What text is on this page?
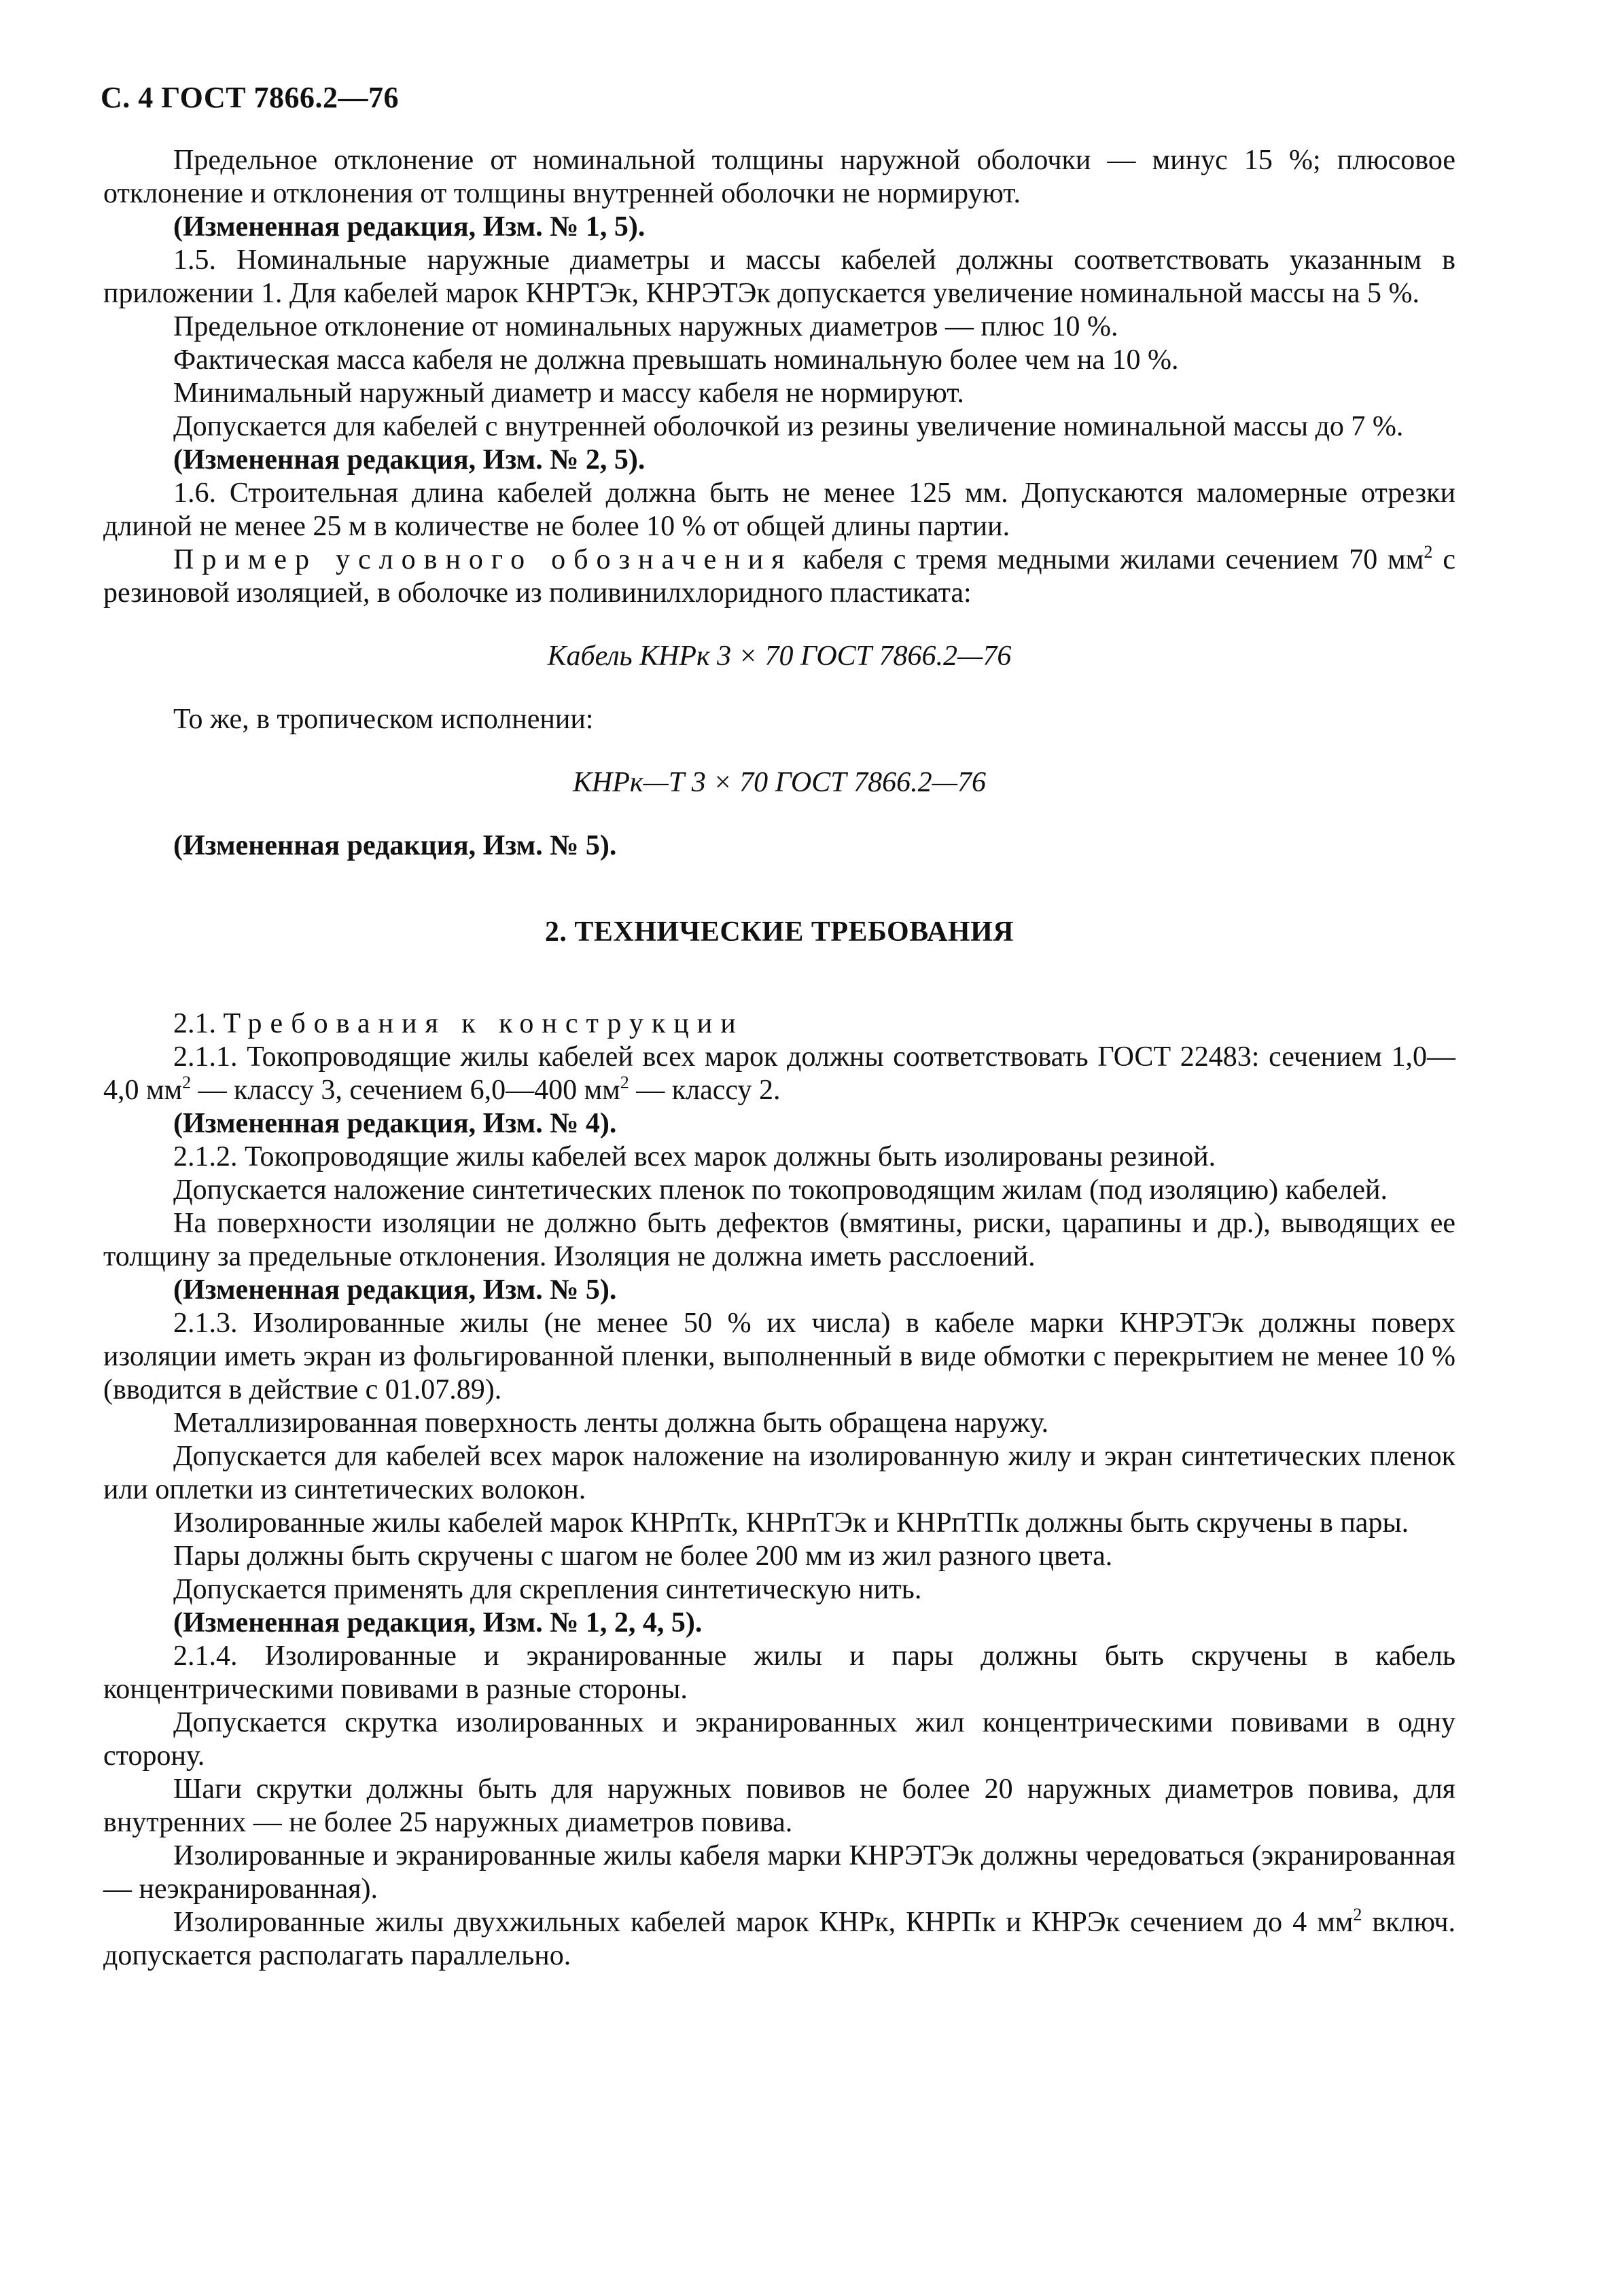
С. 4 ГОСТ 7866.2—76

Предельное отклонение от номинальной толщины наружной оболочки — минус 15 %; плюсовое отклонение и отклонения от толщины внутренней оболочки не нормируют.

(Измененная редакция, Изм. № 1, 5).

1.5. Номинальные наружные диаметры и массы кабелей должны соответствовать указанным в приложении 1. Для кабелей марок КНРТЭк, КНРЭТЭк допускается увеличение номинальной массы на 5 %.

Предельное отклонение от номинальных наружных диаметров — плюс 10 %.

Фактическая масса кабеля не должна превышать номинальную более чем на 10 %.

Минимальный наружный диаметр и массу кабеля не нормируют.

Допускается для кабелей с внутренней оболочкой из резины увеличение номинальной массы до 7 %.

(Измененная редакция, Изм. № 2, 5).

1.6. Строительная длина кабелей должна быть не менее 125 мм. Допускаются маломерные отрезки длиной не менее 25 м в количестве не более 10 % от общей длины партии.

Пример условного обозначения кабеля с тремя медными жилами сечением 70 $мм^2$ с резиновой изоляцией, в оболочке из поливинилхлоридного пластиката:

Кабель КНРк 3 × 70 ГОСТ 7866.2—76

То же, в тропическом исполнении:

КНРк—Т 3 × 70 ГОСТ 7866.2—76

(Измененная редакция, Изм. № 5).

2. ТЕХНИЧЕСКИЕ ТРЕБОВАНИЯ

2.1. Требования к конструкции

2.1.1. Токопроводящие жилы кабелей всех марок должны соответствовать ГОСТ 22483: сечением 1,0—4,0 $мм^2$ — классу 3, сечением 6,0—400 $мм^2$ — классу 2.

(Измененная редакция, Изм. № 4).

2.1.2. Токопроводящие жилы кабелей всех марок должны быть изолированы резиной.

Допускается наложение синтетических пленок по токопроводящим жилам (под изоляцию) кабелей.

На поверхности изоляции не должно быть дефектов (вмятины, риски, царапины и др.), выводящих ее толщину за предельные отклонения. Изоляция не должна иметь расслоений.

(Измененная редакция, Изм. № 5).

2.1.3. Изолированные жилы (не менее 50 % их числа) в кабеле марки КНРЭТЭк должны поверх изоляции иметь экран из фольгированной пленки, выполненный в виде обмотки с перекрытием не менее 10 % (вводится в действие с 01.07.89).

Металлизированная поверхность ленты должна быть обращена наружу.

Допускается для кабелей всех марок наложение на изолированную жилу и экран синтетических пленок или оплетки из синтетических волокон.

Изолированные жилы кабелей марок КНРпТк, КНРпТЭк и КНРпТПк должны быть скручены в пары.

Пары должны быть скручены с шагом не более 200 мм из жил разного цвета.

Допускается применять для скрепления синтетическую нить.

(Измененная редакция, Изм. № 1, 2, 4, 5).

2.1.4. Изолированные и экранированные жилы и пары должны быть скручены в кабель концентрическими повивами в разные стороны.

Допускается скрутка изолированных и экранированных жил концентрическими повивами в одну сторону.

Шаги скрутки должны быть для наружных повивов не более 20 наружных диаметров повива, для внутренних — не более 25 наружных диаметров повива.

Изолированные и экранированные жилы кабеля марки КНРЭТЭк должны чередоваться (экранированная — неэкранированная).

Изолированные жилы двухжильных кабелей марок КНРк, КНРПк и КНРЭк сечением до 4 $мм^2$ включ. допускается располагать параллельно.
